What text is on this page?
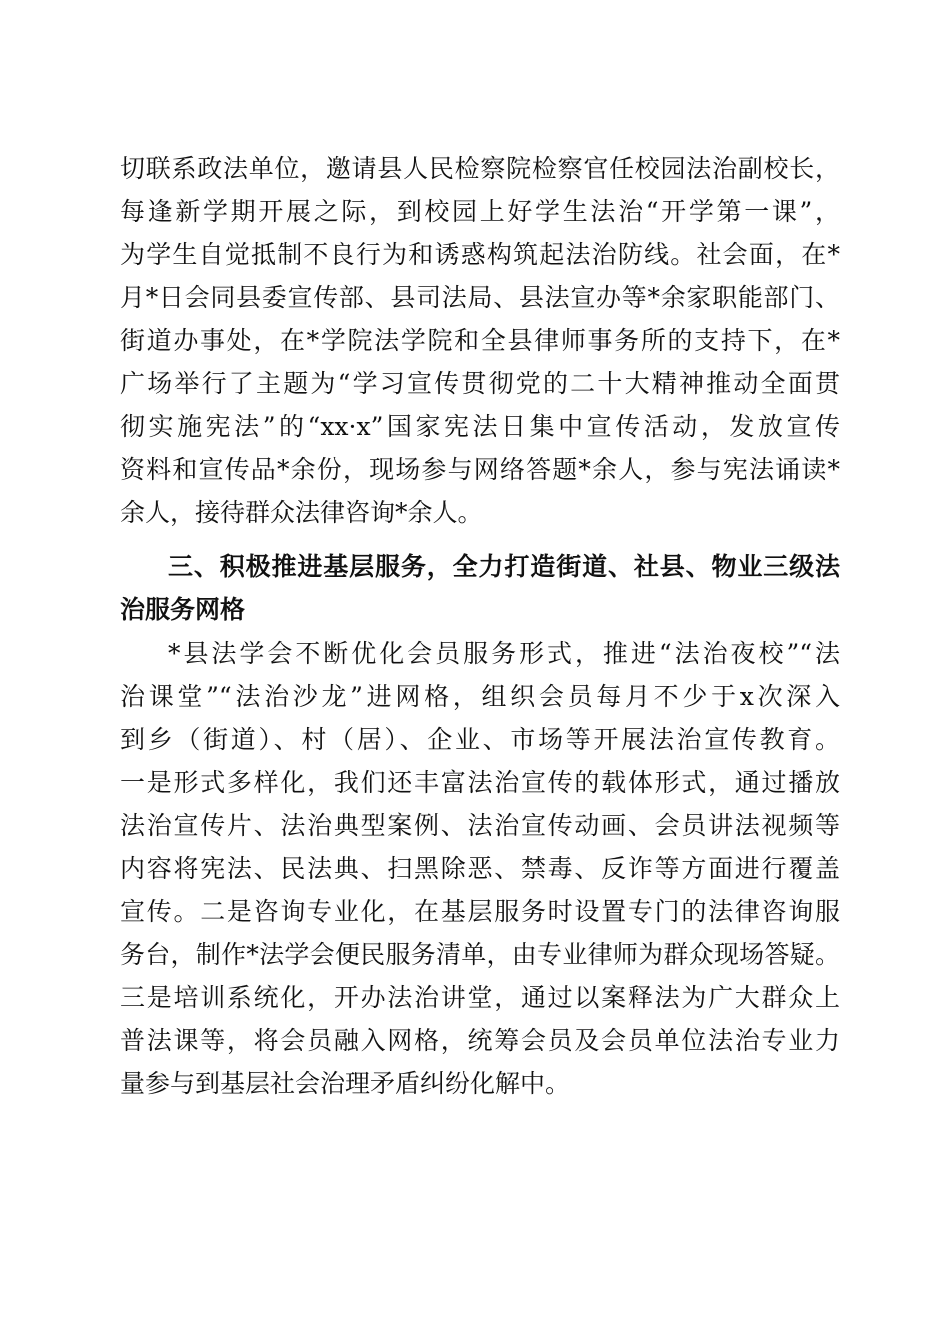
切联系政法单位，邀请县人民检察院检察官任校园法治副校长，
每逢新学期开展之际，到校园上好学生法治“开学第一课”，
为学生自觉抵制不良行为和诱惑构筑起法治防线。社会面，在*
月*日会同县委宣传部、县司法局、县法宣办等*余家职能部门、
街道办事处，在*学院法学院和全县律师事务所的支持下，在*
广场举行了主题为“学习宣传贯彻党的二十大精神推动全面贯
彻实施宪法”的“xx·x”国家宪法日集中宣传活动，发放宣传
资料和宣传品*余份，现场参与网络答题*余人，参与宪法诵读*
余人，接待群众法律咨询*余人。
三、积极推进基层服务，全力打造街道、社县、物业三级法
治服务网格
*县法学会不断优化会员服务形式，推进“法治夜校”“法
治课堂”“法治沙龙”进网格，组织会员每月不少于x次深入
到乡（街道）、村（居）、企业、市场等开展法治宣传教育。
一是形式多样化，我们还丰富法治宣传的载体形式，通过播放
法治宣传片、法治典型案例、法治宣传动画、会员讲法视频等
内容将宪法、民法典、扫黑除恶、禁毒、反诈等方面进行覆盖
宣传。二是咨询专业化，在基层服务时设置专门的法律咨询服
务台，制作*法学会便民服务清单，由专业律师为群众现场答疑。
三是培训系统化，开办法治讲堂，通过以案释法为广大群众上
普法课等，将会员融入网格，统筹会员及会员单位法治专业力
量参与到基层社会治理矛盾纠纷化解中。
